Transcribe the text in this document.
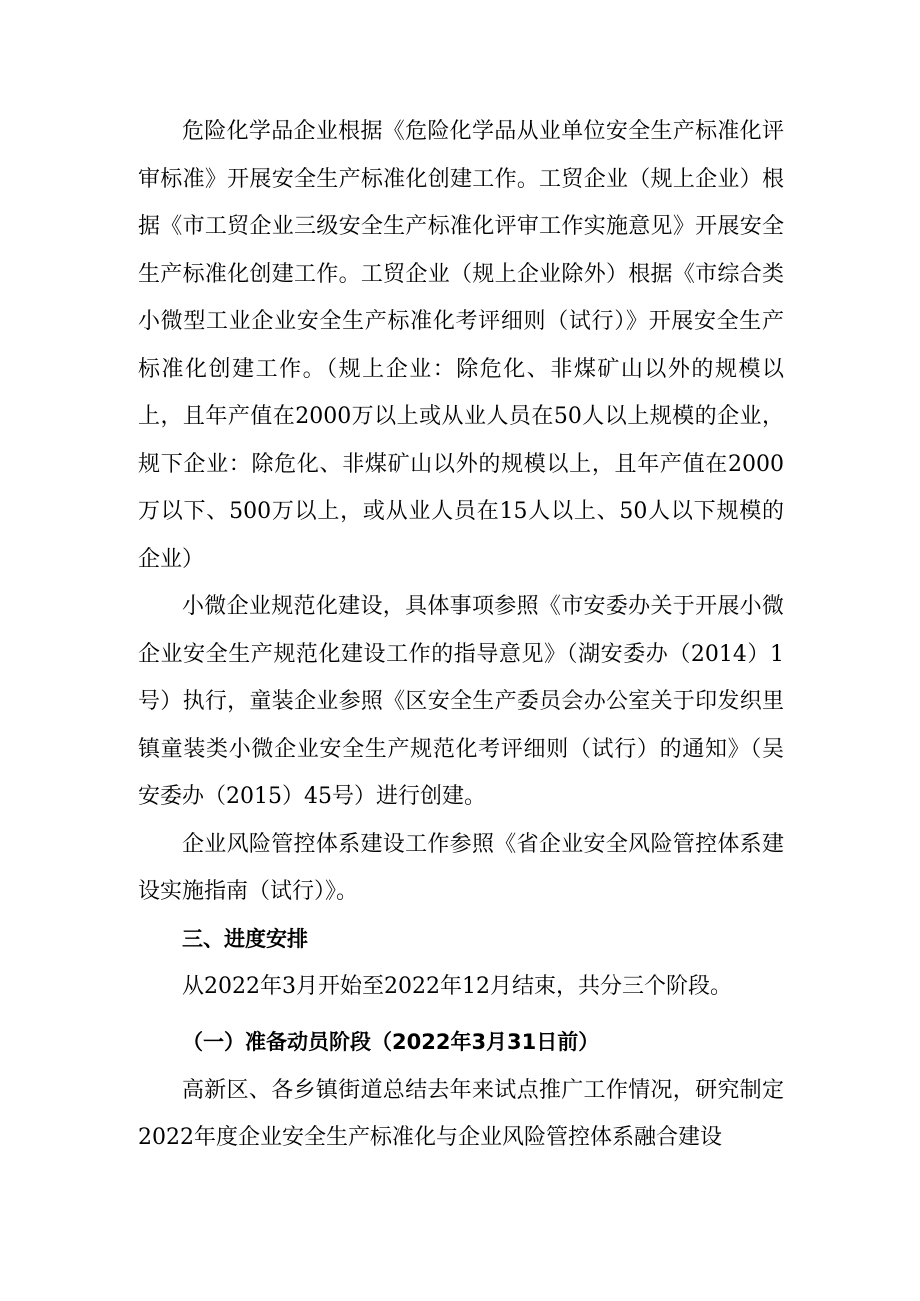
危险化学品企业根据《危险化学品从业单位安全生产标准化评审标准》开展安全生产标准化创建工作。工贸企业（规上企业）根据《市工贸企业三级安全生产标准化评审工作实施意见》开展安全生产标准化创建工作。工贸企业（规上企业除外）根据《市综合类小微型工业企业安全生产标准化考评细则（试行）》开展安全生产标准化创建工作。（规上企业：除危化、非煤矿山以外的规模以上，且年产值在2000万以上或从业人员在50人以上规模的企业，规下企业：除危化、非煤矿山以外的规模以上，且年产值在2000万以下、500万以上，或从业人员在15人以上、50人以下规模的企业）

小微企业规范化建设，具体事项参照《市安委办关于开展小微企业安全生产规范化建设工作的指导意见》（湖安委办（2014）1号）执行，童装企业参照《区安全生产委员会办公室关于印发织里镇童装类小微企业安全生产规范化考评细则（试行）的通知》（吴安委办（2015）45号）进行创建。

企业风险管控体系建设工作参照《省企业安全风险管控体系建设实施指南（试行）》。

三、进度安排

从2022年3月开始至2022年12月结束，共分三个阶段。

（一）准备动员阶段（2022年3月31日前）

高新区、各乡镇街道总结去年来试点推广工作情况，研究制定2022年度企业安全生产标准化与企业风险管控体系融合建设
